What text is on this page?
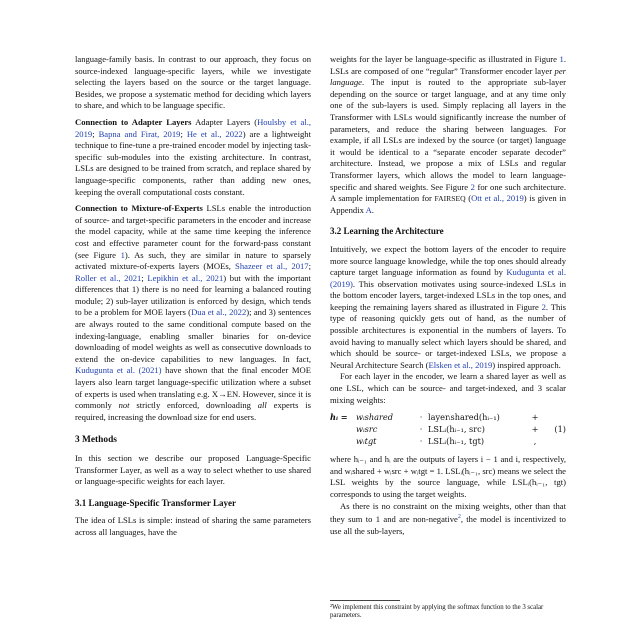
language-family basis. In contrast to our approach, they focus on source-indexed language-specific layers, while we investigate selecting the layers based on the source or the target language. Besides, we propose a systematic method for deciding which layers to share, and which to be language specific.

Connection to Adapter Layers Adapter Layers (Houlsby et al., 2019; Bapna and Firat, 2019; He et al., 2022) are a lightweight technique to fine-tune a pre-trained encoder model by injecting task-specific sub-modules into the existing architecture. In contrast, LSLs are designed to be trained from scratch, and replace shared by language-specific components, rather than adding new ones, keeping the overall computational costs constant.

Connection to Mixture-of-Experts LSLs enable the introduction of source- and target-specific parameters in the encoder and increase the model capacity, while at the same time keeping the inference cost and effective parameter count for the forward-pass constant (see Figure 1). As such, they are similar in nature to sparsely activated mixture-of-experts layers (MOEs, Shazeer et al., 2017; Roller et al., 2021; Lepikhin et al., 2021) but with the important differences that 1) there is no need for learning a balanced routing module; 2) sub-layer utilization is enforced by design, which tends to be a problem for MOE layers (Dua et al., 2022); and 3) sentences are always routed to the same conditional compute based on the indexing-language, enabling smaller binaries for on-device downloading of model weights as well as consecutive downloads to extend the on-device capabilities to new languages. In fact, Kudugunta et al. (2021) have shown that the final encoder MOE layers also learn target language-specific utilization where a subset of experts is used when translating e.g. X→EN. However, since it is commonly not strictly enforced, downloading all experts is required, increasing the download size for end users.

3 Methods

In this section we describe our proposed Language-Specific Transformer Layer, as well as a way to select whether to use shared or language-specific weights for each layer.

3.1 Language-Specific Transformer Layer

The idea of LSLs is simple: instead of sharing the same parameters across all languages, have the

weights for the layer be language-specific as illustrated in Figure 1. LSLs are composed of one “regular” Transformer encoder layer per language. The input is routed to the appropriate sub-layer depending on the source or target language, and at any time only one of the sub-layers is used. Simply replacing all layers in the Transformer with LSLs would significantly increase the number of parameters, and reduce the sharing between languages. For example, if all LSLs are indexed by the source (or target) language it would be identical to a “separate encoder separate decoder” architecture. Instead, we propose a mix of LSLs and regular Transformer layers, which allows the model to learn language-specific and shared weights. See Figure 2 for one such architecture. A sample implementation for FAIRSEQ (Ott et al., 2019) is given in Appendix A.

3.2 Learning the Architecture

Intuitively, we expect the bottom layers of the encoder to require more source language knowledge, while the top ones should already capture target language information as found by Kudugunta et al. (2019). This observation motivates using source-indexed LSLs in the bottom encoder layers, target-indexed LSLs in the top ones, and keeping the remaining layers shared as illustrated in Figure 2. This type of reasoning quickly gets out of hand, as the number of possible architectures is exponential in the numbers of layers. To avoid having to manually select which layers should be shared, and which should be source- or target-indexed LSLs, we propose a Neural Architecture Search (Elsken et al., 2019) inspired approach.

For each layer in the encoder, we learn a shared layer as well as one LSL, which can be source- and target-indexed, and 3 scalar mixing weights:

hᵢ =	wᵢshared	· layerᵢshared(hᵢ₋₁)	+
wᵢsrc	· LSLᵢ(hᵢ₋₁, src)	+	(1)
wᵢtgt	· LSLᵢ(hᵢ₋₁, tgt)	,

where hᵢ₋₁ and hᵢ are the outputs of layers i − 1 and i, respectively, and wᵢshared + wᵢsrc + wᵢtgt = 1. LSLᵢ(hᵢ₋₁, src) means we select the LSL weights by the source language, while LSLᵢ(hᵢ₋₁, tgt) corresponds to using the target weights.

As there is no constraint on the mixing weights, other than that they sum to 1 and are non-negative$^2$, the model is incentivized to use all the sub-layers,

²We implement this constraint by applying the softmax function to the 3 scalar parameters.
